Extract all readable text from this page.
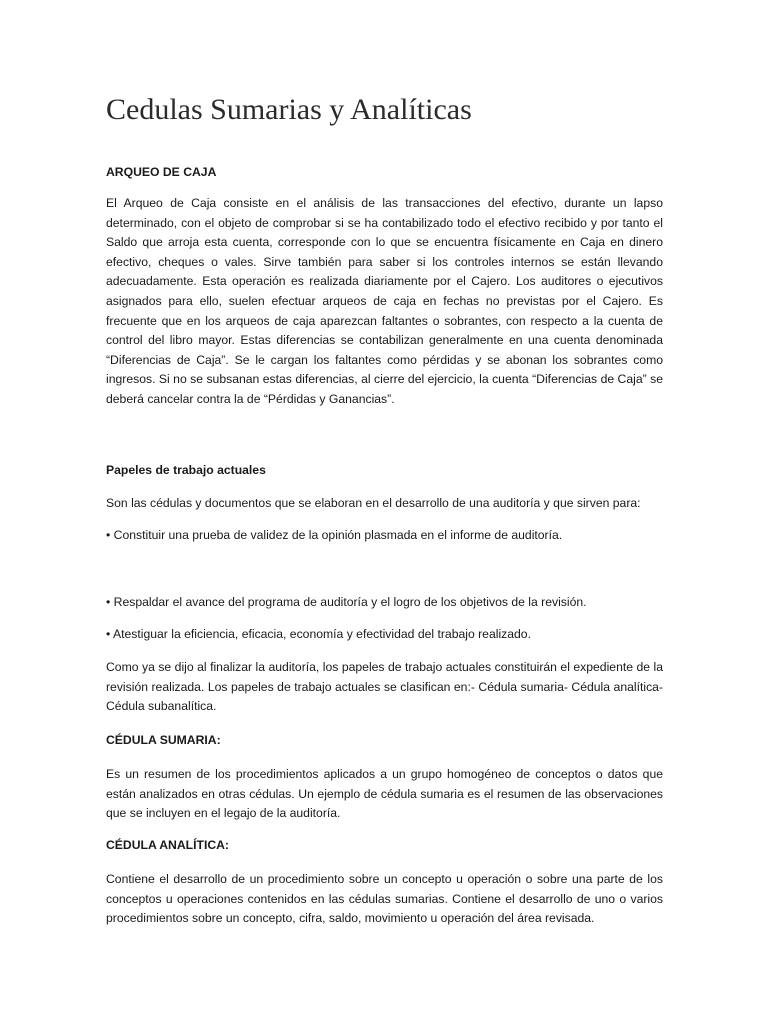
Cedulas Sumarias y Analíticas

ARQUEO DE CAJA

El Arqueo de Caja consiste en el análisis de las transacciones del efectivo, durante un lapso determinado, con el objeto de comprobar si se ha contabilizado todo el efectivo recibido y por tanto el Saldo que arroja esta cuenta, corresponde con lo que se encuentra físicamente en Caja en dinero efectivo, cheques o vales. Sirve también para saber si los controles internos se están llevando adecuadamente. Esta operación es realizada diariamente por el Cajero. Los auditores o ejecutivos asignados para ello, suelen efectuar arqueos de caja en fechas no previstas por el Cajero. Es frecuente que en los arqueos de caja aparezcan faltantes o sobrantes, con respecto a la cuenta de control del libro mayor. Estas diferencias se contabilizan generalmente en una cuenta denominada “Diferencias de Caja”. Se le cargan los faltantes como pérdidas y se abonan los sobrantes como ingresos. Si no se subsanan estas diferencias, al cierre del ejercicio, la cuenta “Diferencias de Caja” se deberá cancelar contra la de “Pérdidas y Ganancias”.

Papeles de trabajo actuales

Son las cédulas y documentos que se elaboran en el desarrollo de una auditoría y que sirven para:

• Constituir una prueba de validez de la opinión plasmada en el informe de auditoría.

• Respaldar el avance del programa de auditoría y el logro de los objetivos de la revisión.

• Atestiguar la eficiencia, eficacia, economía y efectividad del trabajo realizado.

Como ya se dijo al finalizar la auditoría, los papeles de trabajo actuales constituirán el expediente de la revisión realizada. Los papeles de trabajo actuales se clasifican en:- Cédula sumaria- Cédula analítica- Cédula subanalítica.

CÉDULA SUMARIA:

Es un resumen de los procedimientos aplicados a un grupo homogéneo de conceptos o datos que están analizados en otras cédulas. Un ejemplo de cédula sumaria es el resumen de las observaciones que se incluyen en el legajo de la auditoría.

CÉDULA ANALÍTICA:

Contiene el desarrollo de un procedimiento sobre un concepto u operación o sobre una parte de los conceptos u operaciones contenidos en las cédulas sumarias. Contiene el desarrollo de uno o varios procedimientos sobre un concepto, cifra, saldo, movimiento u operación del área revisada.
